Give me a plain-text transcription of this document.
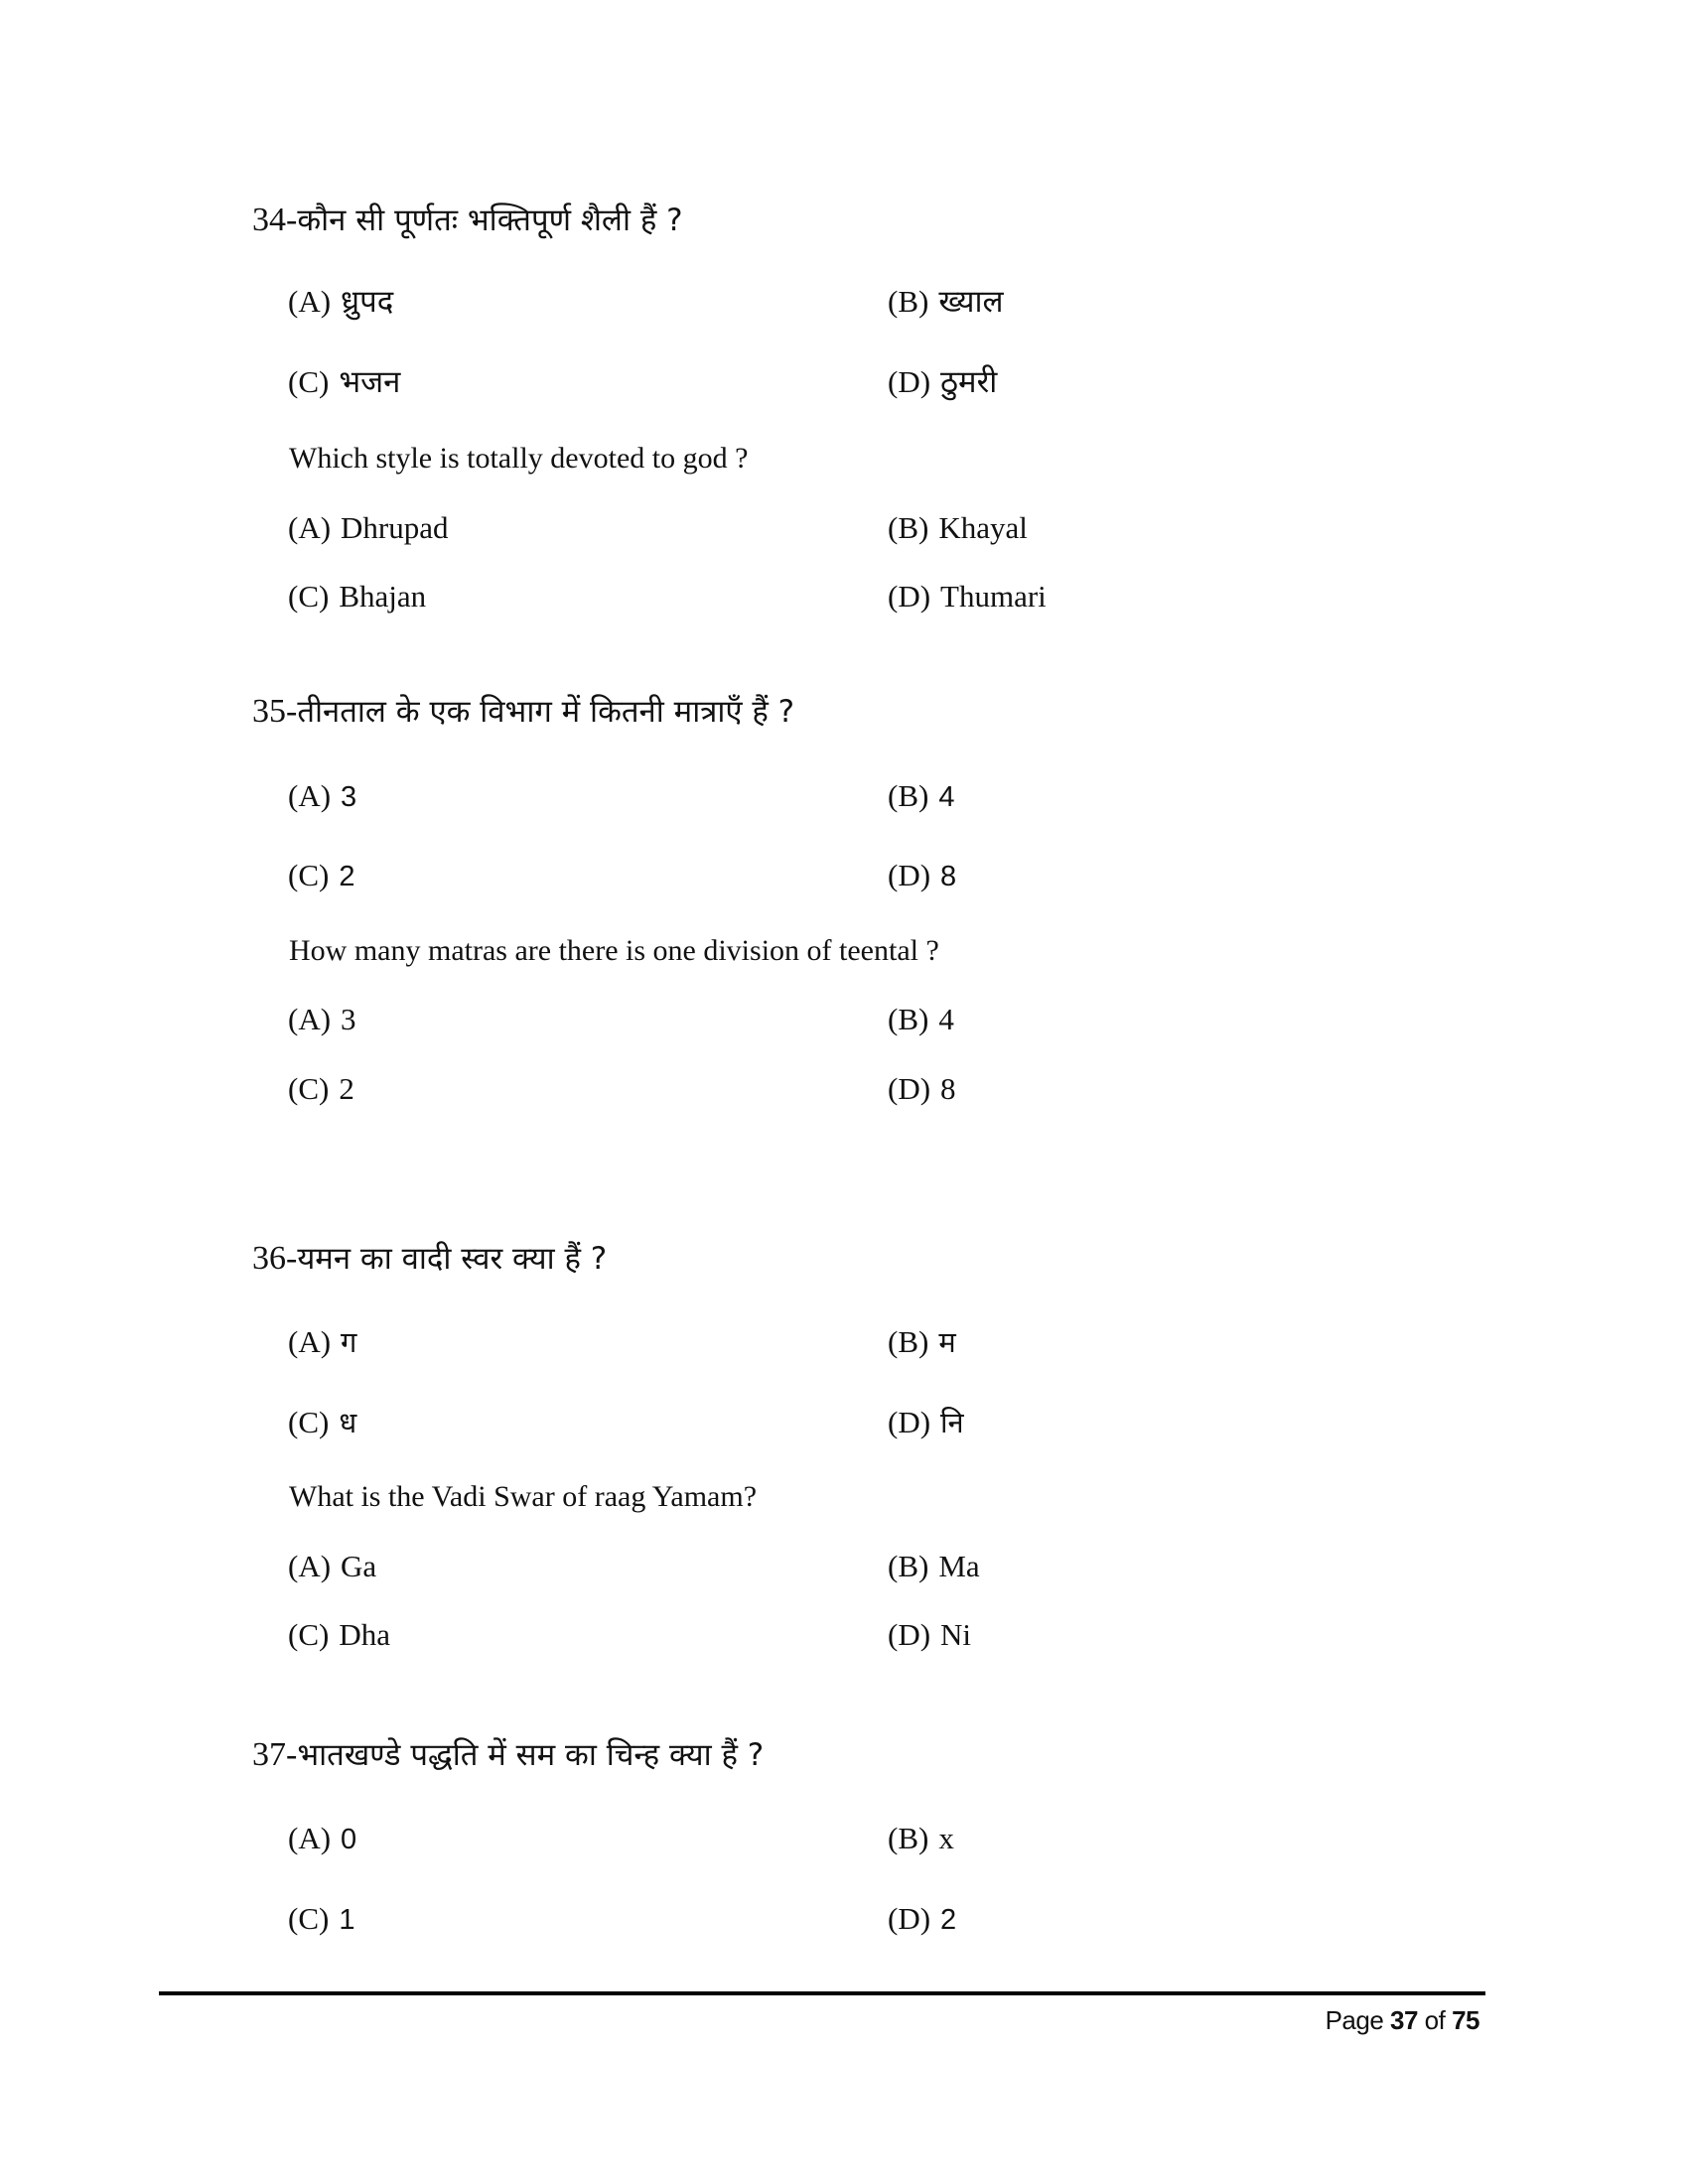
34-कौन सी पूर्णतः भक्तिपूर्ण शैली हैं ?
(A) ध्रुपद	(B) ख्याल
(C) भजन	(D) ठुमरी
Which style is totally devoted to god ?
(A) Dhrupad	(B) Khayal
(C) Bhajan	(D) Thumari
35-तीनताल के एक विभाग में कितनी मात्राएँ हैं ?
(A) 3	(B) 4
(C) 2	(D) 8
How many matras are there is one division of teental ?
(A) 3	(B) 4
(C) 2	(D) 8
36-यमन का वादी स्वर क्या हैं ?
(A) ग	(B) म
(C) ध	(D) नि
What is the Vadi Swar of raag Yamam?
(A) Ga	(B) Ma
(C) Dha	(D) Ni
37-भातखण्डे पद्धति में सम का चिन्ह क्या हैं ?
(A) 0	(B) x
(C) 1	(D) 2
Page 37 of 75
